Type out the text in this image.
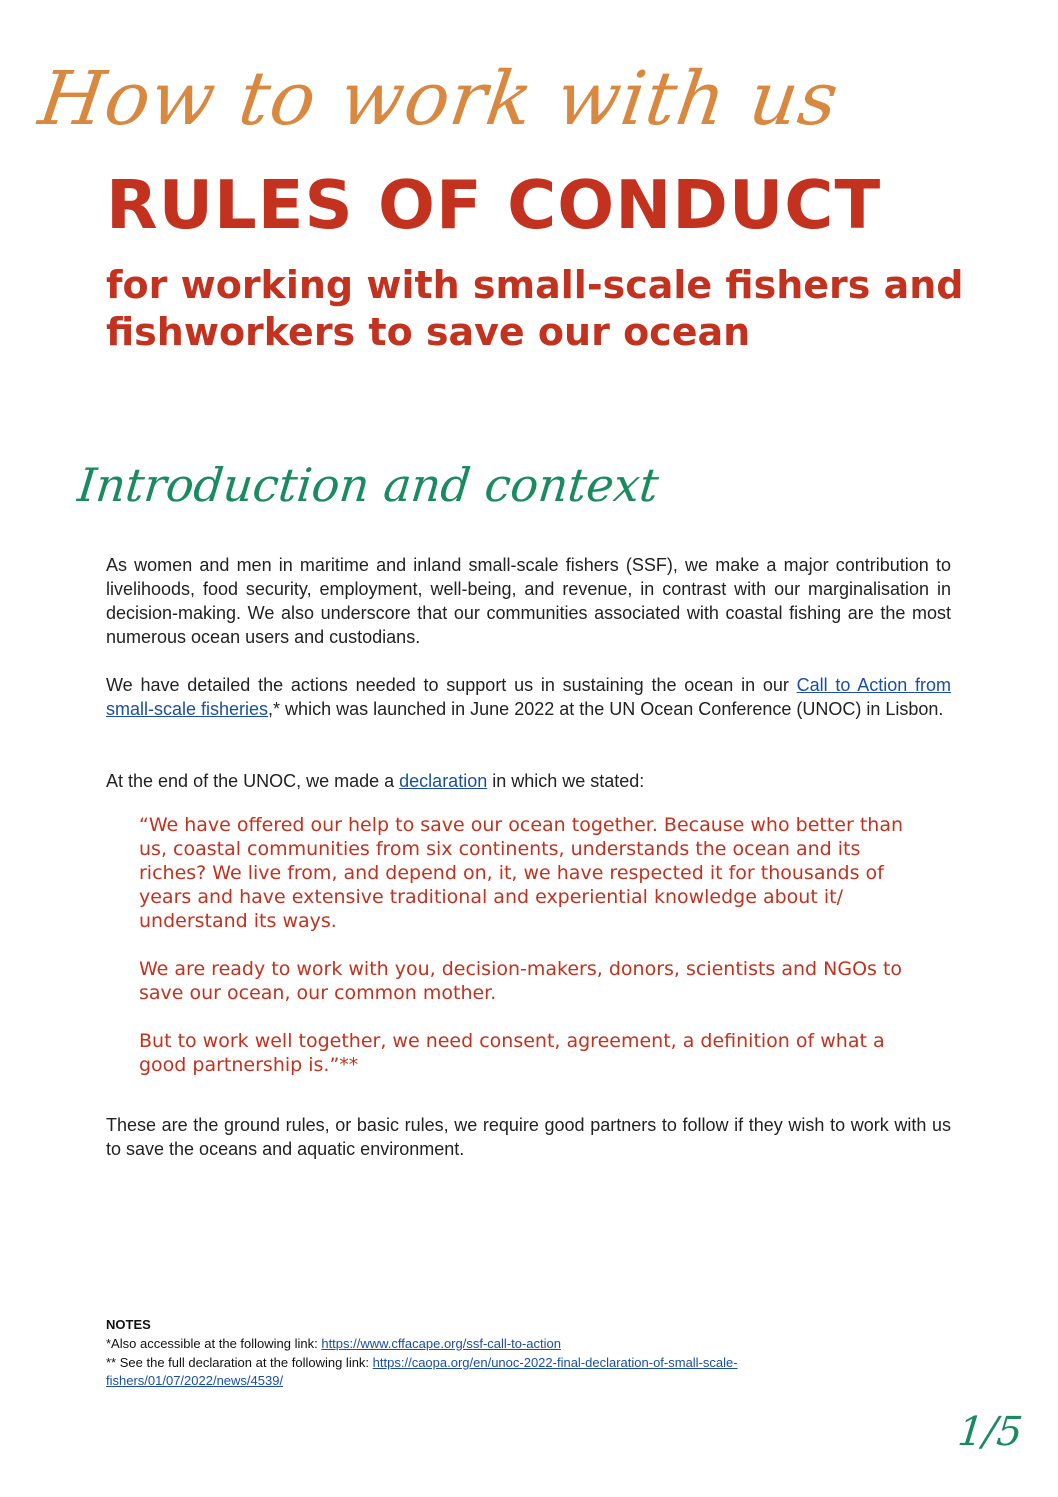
How to work with us
RULES OF CONDUCT
for working with small-scale fishers and fishworkers to save our ocean
Introduction and context

As women and men in maritime and inland small-scale fishers (SSF), we make a major contribution to livelihoods, food security, employment, well-being, and revenue, in contrast with our marginalisation in decision-making. We also underscore that our communities associated with coastal fishing are the most numerous ocean users and custodians.

We have detailed the actions needed to support us in sustaining the ocean in our Call to Action from small-scale fisheries,* which was launched in June 2022 at the UN Ocean Conference (UNOC) in Lisbon.

At the end of the UNOC, we made a declaration in which we stated:

“We have offered our help to save our ocean together. Because who better than us, coastal communities from six continents, understands the ocean and its riches? We live from, and depend on, it, we have respected it for thousands of years and have extensive traditional and experiential knowledge about it/ understand its ways.

We are ready to work with you, decision-makers, donors, scientists and NGOs to save our ocean, our common mother.

But to work well together, we need consent, agreement, a definition of what a good partnership is.”**

These are the ground rules, or basic rules, we require good partners to follow if they wish to work with us to save the oceans and aquatic environment.

NOTES

*Also accessible at the following link: https://www.cffacape.org/ssf-call-to-action

** See the full declaration at the following link: https://caopa.org/en/unoc-2022-final-declaration-of-small-scale-fishers/01/07/2022/news/4539/

1/5
